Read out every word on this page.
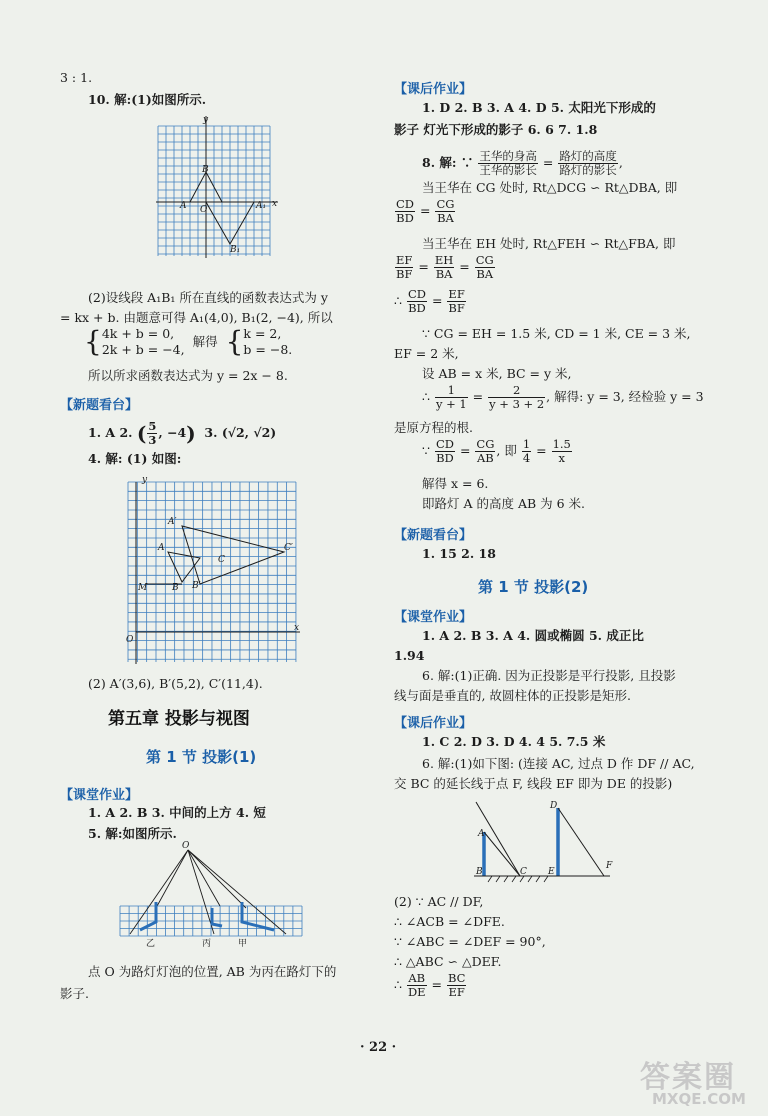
3 : 1.
10. 解:(1)如图所示.
y
x
A O
B
A₁
B₁
(2)设线段 A₁B₁ 所在直线的函数表达式为 y
= kx + b. 由题意可得 A₁(4,0), B₁(2, −4), 所以
{ 4k + b = 0,
2k + b = −4,
解得 { k = 2,
b = −8.
所以所求函数表达式为 y = 2x − 8.
【新题看台】
1. A 2. ( $\frac{5}{3}$ , −4) 3. (√2, √2)
4. 解: (1) 如图:
y
x
O
A
A′
B B′
C
C′
M
(2) A′(3,6), B′(5,2), C′(11,4).
第五章 投影与视图
第 1 节 投影(1)
【课堂作业】
1. A 2. B 3. 中间的上方 4. 短
5. 解:如图所示.
O
乙	丙	甲
点 O 为路灯灯泡的位置, AB 为丙在路灯下的
影子.
【课后作业】
1. D 2. B 3. A 4. D 5. 太阳光下形成的
影子 灯光下形成的影子 6. 6 7. 1.8
8. 解: ∵ $\frac{\text{王华的身高}}{\text{王华的影长}} = \frac{\text{路灯的高度}}{\text{路灯的影长}}$ ,
当王华在 CG 处时, Rt△DCG ∽ Rt△DBA, 即
$\frac{CD}{BD} = \frac{CG}{BA}$
当王华在 EH 处时, Rt△FEH ∽ Rt△FBA, 即
$\frac{EF}{BF} = \frac{EH}{BA} = \frac{CG}{BA}$
∴ $\frac{CD}{BD} = \frac{EF}{BF}$
∵ CG = EH = 1.5 米, CD = 1 米, CE = 3 米,
EF = 2 米,
设 AB = x 米, BC = y 米,
∴ $\frac{1}{y + 1} = \frac{2}{y + 3 + 2}$ , 解得: y = 3, 经检验 y = 3
是原方程的根.
∵ $\frac{CD}{BD} = \frac{CG}{AB}$ , 即 $\frac{1}{4} = \frac{1.5}{x}$
解得 x = 6.
即路灯 A 的高度 AB 为 6 米.
【新题看台】
1. 15 2. 18
第 1 节 投影(2)
【课堂作业】
1. A 2. B 3. A 4. 圆或椭圆 5. 成正比
1.94
6. 解:(1)正确. 因为正投影是平行投影, 且投影
线与面是垂直的, 故圆柱体的正投影是矩形.
【课后作业】
1. C 2. D 3. D 4. 4 5. 7.5 米
6. 解:(1)如下图: (连接 AC, 过点 D 作 DF // AC,
交 BC 的延长线于点 F, 线段 EF 即为 DE 的投影)
A
B	C
D
E
F
(2) ∵ AC // DF,
∴ ∠ACB = ∠DFE.
∵ ∠ABC = ∠DEF = 90°,
∴ △ABC ∽ △DEF.
∴ $\frac{AB}{DE} = \frac{BC}{EF}$
· 22 ·
答案圈
MXQE.COM
